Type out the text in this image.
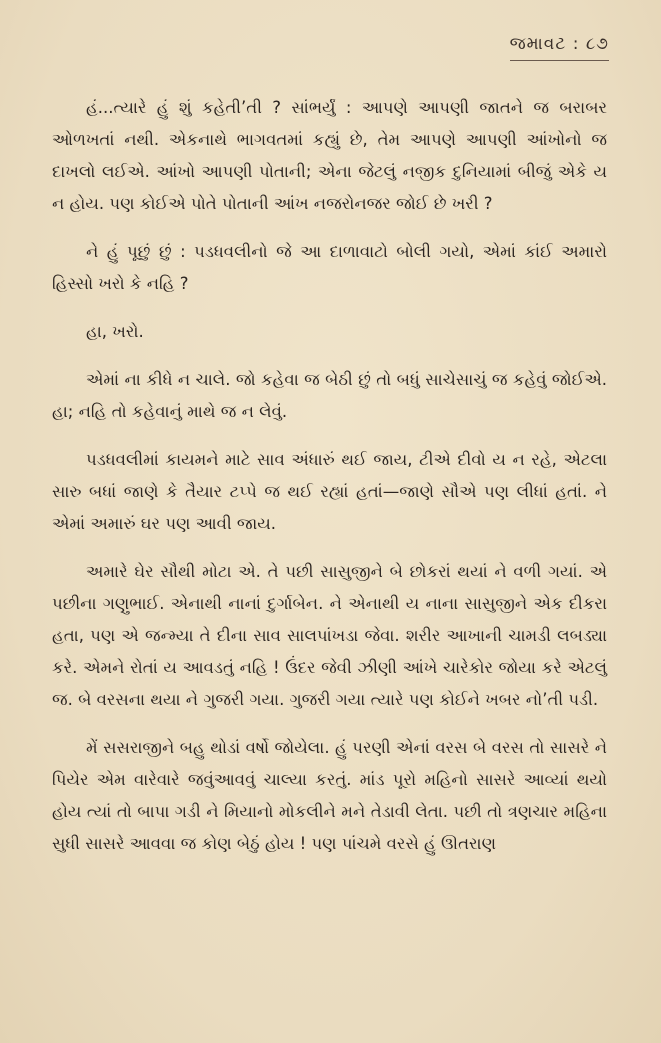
જમાવટ : ૮૭

હં...ત્યારે હું શું કહેતી’તી ? સાંભર્યું : આપણે આપણી જાતને જ બરાબર ઓળખતાં નથી. એકનાથે ભાગવતમાં કહ્યું છે, તેમ આપણે આપણી આંખોનો જ દાખલો લઈએ. આંખો આપણી પોતાની; એના જેટલું નજીક દુનિયામાં બીજું એકે ય ન હોય. પણ કોઈએ પોતે પોતાની આંખ નજરોનજર જોઈ છે ખરી ?

ને હું પૂછું છું : પડધવલીનો જે આ દાળાવાટો બોલી ગયો, એમાં કાંઈ અમારો હિસ્સો ખરો કે નહિ ?

હા, ખરો.

એમાં ના કીધે ન ચાલે. જો કહેવા જ બેઠી છું તો બધું સાચેસાચું જ કહેવું જોઈએ. હા; નહિ તો કહેવાનું માથે જ ન લેવું.

પડધવલીમાં કાયમને માટે સાવ અંધારું થઈ જાય, ટીએ દીવો ય ન રહે, એટલા સારુ બધાં જાણે કે તૈયાર ટપ્પે જ થઈ રહ્યાં હતાં—જાણે સૌએ પણ લીધાં હતાં. ને એમાં અમારું ઘર પણ આવી જાય.

અમારે ઘેર સૌથી મોટા એ. તે પછી સાસુજીને બે છોકરાં થયાં ને વળી ગયાં. એ પછીના ગણુભાઈ. એનાથી નાનાં દુર્ગાબેન. ને એનાથી ય નાના સાસુજીને એક દીકરા હતા, પણ એ જન્મ્યા તે દીના સાવ સાલપાંખડા જેવા. શરીર આખાની ચામડી લબડ્યા કરે. એમને રોતાં ય આવડતું નહિ ! ઉંદર જેવી ઝીણી આંખે ચારેકોર જોયા કરે એટલું જ. બે વરસના થયા ને ગુજરી ગયા. ગુજરી ગયા ત્યારે પણ કોઈને ખબર નો’તી પડી.

મેં સસરાજીને બહુ થોડાં વર્ષો જોયેલા. હું પરણી એનાં વરસ બે વરસ તો સાસરે ને પિયેર એમ વારેવારે જવુંઆવવું ચાલ્યા કરતું. માંડ પૂરો મહિનો સાસરે આવ્યાં થયો હોય ત્યાં તો બાપા ગડી ને મિયાનો મોકલીને મને તેડાવી લેતા. પછી તો ત્રણચાર મહિના સુધી સાસરે આવવા જ કોણ બેઠું હોય ! પણ પાંચમે વરસે હું ઊતરાણ
